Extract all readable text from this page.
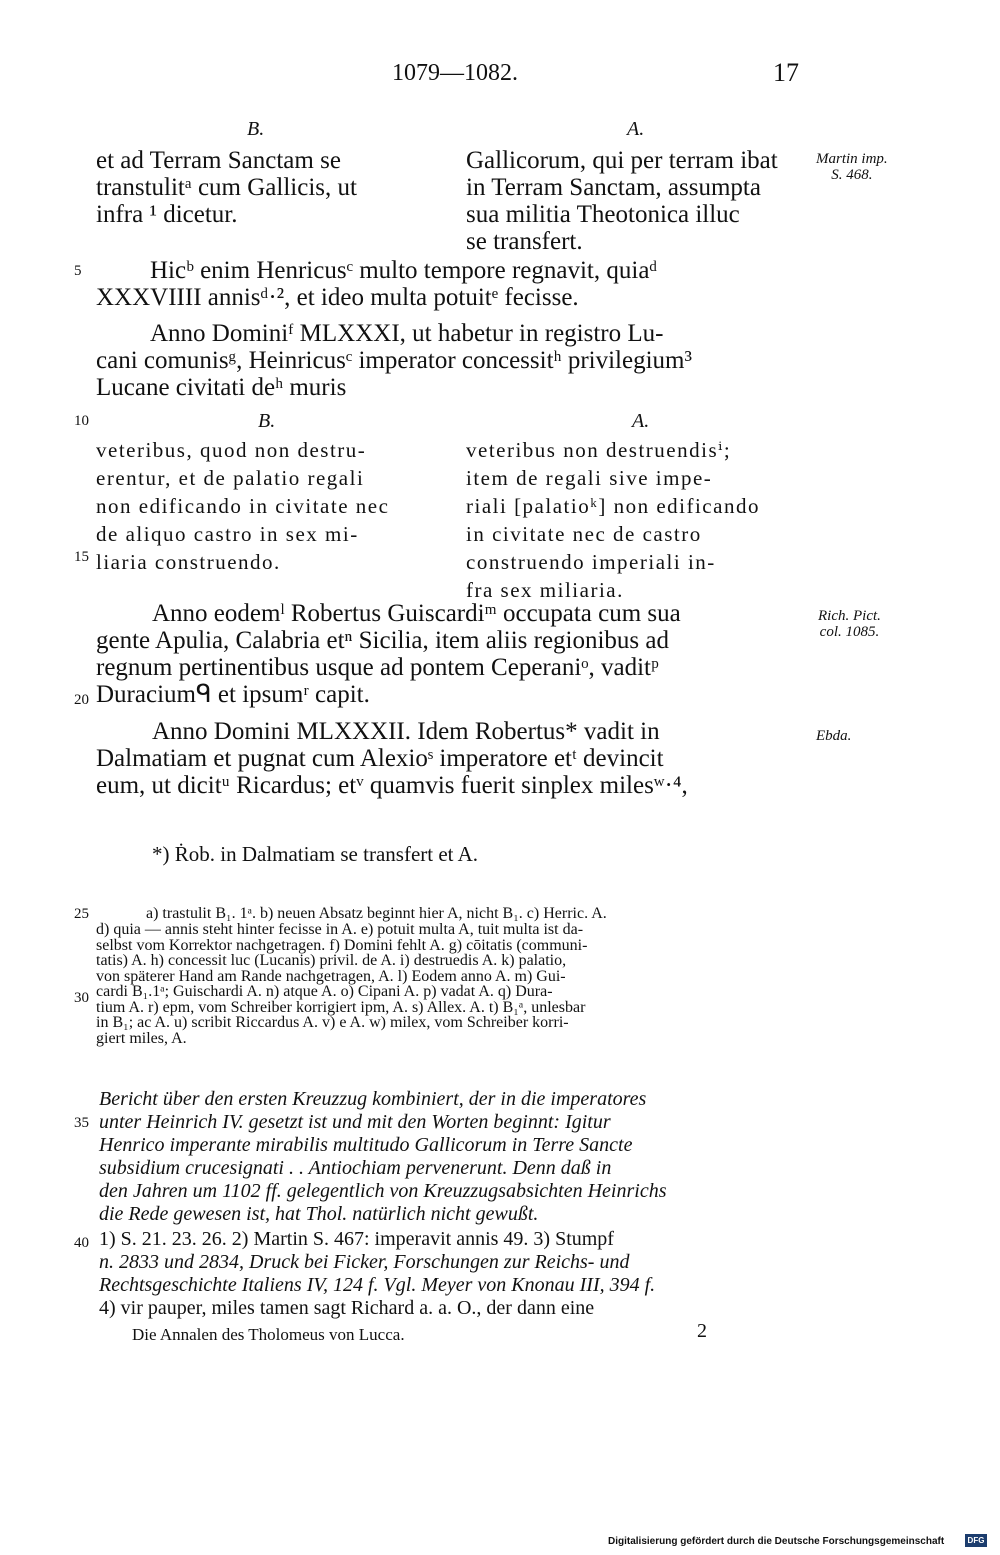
1079—1082.	17
B.	A.
et ad Terram Sanctam se
transtulitᵃ cum Gallicis, ut
infra ¹ dicetur.
Gallicorum, qui per terram ibat
in Terram Sanctam, assumpta
sua militia Theotonica illuc
se transfert.
Martin imp.
S. 468.
5	Hicᵇ enim Henricusᶜ multo tempore regnavit, quiaᵈ
XXXVIIII annisᵈ·², et ideo multa potuitᵉ fecisse.
Anno Dominiᶠ MLXXXI, ut habetur in registro Lu-
cani comunisᵍ, Heinricusᶜ imperator concessitʰ privilegium³
Lucane civitati deʰ muris
10	B.	A.
veteribus, quod non destru-
erentur, et de palatio regali
non edificando in civitate nec
de aliquo castro in sex mi-
liaria construendo.
15
veteribus non destruendisⁱ;
item de regali sive impe-
riali [palatioᵏ] non edificando
in civitate nec de castro
construendo imperiali in-
fra sex miliaria.
Anno eodemˡ Robertus Guiscardiᵐ occupata cum sua
gente Apulia, Calabria etⁿ Sicilia, item aliis regionibus ad
regnum pertinentibus usque ad pontem Ceperaniᵒ, vaditᵖ
Duraciumᑫ et ipsumʳ capit.
Rich. Pict.
col. 1085.
20
Anno Domini MLXXXII. Idem Robertus* vadit in
Dalmatiam et pugnat cum Alexioˢ imperatore etᵗ devincit
eum, ut dicitᵘ Ricardus; etᵛ quamvis fuerit sinplex milesʷ·⁴,
Ebda.
*) Ṙob. in Dalmatiam se transfert et A.
25
30
a) trastulit B₁. 1ᵃ. b) neuen Absatz beginnt hier A, nicht B₁. c) Herric. A.
d) quia — annis steht hinter fecisse in A. e) potuit multa A, tuit multa ist da-
selbst vom Korrektor nachgetragen. f) Domini fehlt A. g) cōitatis (communi-
tatis) A. h) concessit luc (Lucanis) privil. de A. i) destruedis A. k) palatio,
von späterer Hand am Rande nachgetragen, A. l) Eodem anno A. m) Gui-
cardi B₁.1ᵃ; Guischardi A. n) atque A. o) Cipani A. p) vadat A. q) Dura-
tium A. r) epm, vom Schreiber korrigiert ipm, A. s) Allex. A. t) B₁ᵃ, unlesbar
in B₁; ac A. u) scribit Riccardus A. v) e A. w) milex, vom Schreiber korri-
giert miles, A.
35
Bericht über den ersten Kreuzzug kombiniert, der in die imperatores
unter Heinrich IV. gesetzt ist und mit den Worten beginnt: Igitur
Henrico imperante mirabilis multitudo Gallicorum in Terre Sancte
subsidium crucesignati . . Antiochiam pervenerunt. Denn daß in
den Jahren um 1102 ff. gelegentlich von Kreuzzugsabsichten Heinrichs
die Rede gewesen ist, hat Thol. natürlich nicht gewußt.
40 1) S. 21. 23. 26. 2) Martin S. 467: imperavit annis 49. 3) Stumpf
n. 2833 und 2834, Druck bei Ficker, Forschungen zur Reichs- und
Rechtsgeschichte Italiens IV, 124 f. Vgl. Meyer von Knonau III, 394 f.
4) vir pauper, miles tamen sagt Richard a. a. O., der dann eine
Die Annalen des Tholomeus von Lucca.	2
Digitalisierung gefördert durch die Deutsche Forschungsgemeinschaft	DFG
